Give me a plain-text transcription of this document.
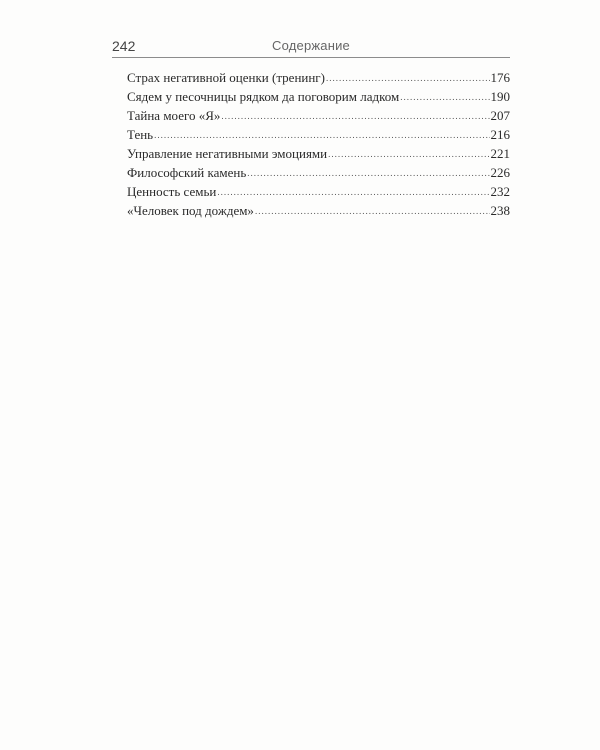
242	Содержание
Страх негативной оценки (тренинг) .....	176
Сядем у песочницы рядком да поговорим ладком .....	190
Тайна моего «Я» .....	207
Тень .....	216
Управление негативными эмоциями .....	221
Философский камень .....	226
Ценность семьи .....	232
«Человек под дождем» .....	238
